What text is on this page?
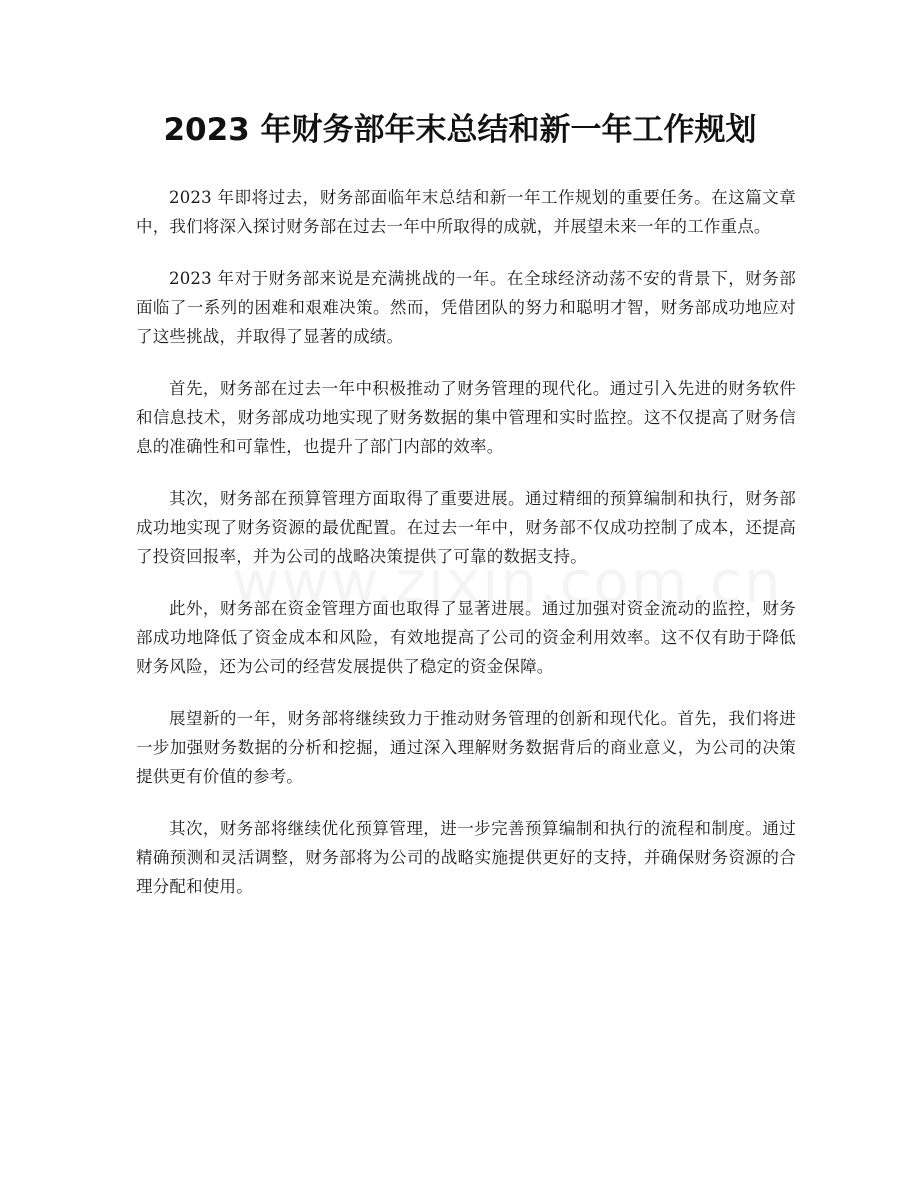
2023 年财务部年末总结和新一年工作规划

2023 年即将过去，财务部面临年末总结和新一年工作规划的重要任务。在这篇文章中，我们将深入探讨财务部在过去一年中所取得的成就，并展望未来一年的工作重点。

2023 年对于财务部来说是充满挑战的一年。在全球经济动荡不安的背景下，财务部面临了一系列的困难和艰难决策。然而，凭借团队的努力和聪明才智，财务部成功地应对了这些挑战，并取得了显著的成绩。

首先，财务部在过去一年中积极推动了财务管理的现代化。通过引入先进的财务软件和信息技术，财务部成功地实现了财务数据的集中管理和实时监控。这不仅提高了财务信息的准确性和可靠性，也提升了部门内部的效率。

其次，财务部在预算管理方面取得了重要进展。通过精细的预算编制和执行，财务部成功地实现了财务资源的最优配置。在过去一年中，财务部不仅成功控制了成本，还提高了投资回报率，并为公司的战略决策提供了可靠的数据支持。

此外，财务部在资金管理方面也取得了显著进展。通过加强对资金流动的监控，财务部成功地降低了资金成本和风险，有效地提高了公司的资金利用效率。这不仅有助于降低财务风险，还为公司的经营发展提供了稳定的资金保障。

展望新的一年，财务部将继续致力于推动财务管理的创新和现代化。首先，我们将进一步加强财务数据的分析和挖掘，通过深入理解财务数据背后的商业意义，为公司的决策提供更有价值的参考。

其次，财务部将继续优化预算管理，进一步完善预算编制和执行的流程和制度。通过精确预测和灵活调整，财务部将为公司的战略实施提供更好的支持，并确保财务资源的合理分配和使用。
